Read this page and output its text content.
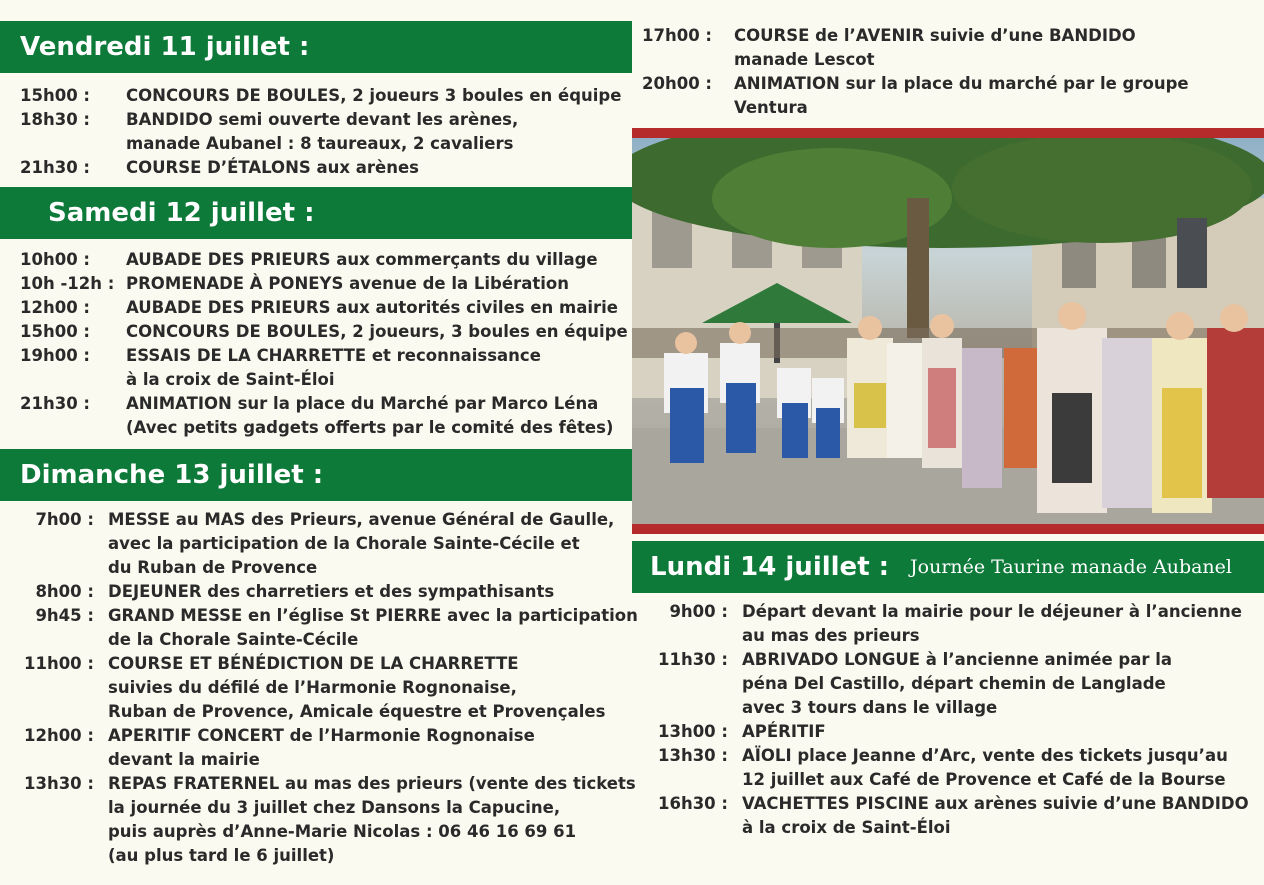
Vendredi 11 juillet :
15h00 :	CONCOURS DE BOULES, 2 joueurs 3 boules en équipe
18h30 :	BANDIDO semi ouverte devant les arènes,
manade Aubanel : 8 taureaux, 2 cavaliers
21h30 :	COURSE D’ÉTALONS aux arènes
Samedi 12 juillet :
10h00 :	AUBADE DES PRIEURS aux commerçants du village
10h -12h : PROMENADE À PONEYS avenue de la Libération
12h00 :	AUBADE DES PRIEURS aux autorités civiles en mairie
15h00 :	CONCOURS DE BOULES, 2 joueurs, 3 boules en équipe
19h00 :	ESSAIS DE LA CHARRETTE et reconnaissance
à la croix de Saint-Éloi
21h30 :	ANIMATION sur la place du Marché par Marco Léna
(Avec petits gadgets offerts par le comité des fêtes)
Dimanche 13 juillet :
7h00 : MESSE au MAS des Prieurs, avenue Général de Gaulle,
avec la participation de la Chorale Sainte-Cécile et
du Ruban de Provence
8h00 : DEJEUNER des charretiers et des sympathisants
9h45 : GRAND MESSE en l’église St PIERRE avec la participation
de la Chorale Sainte-Cécile
11h00 : COURSE ET BÉNÉDICTION DE LA CHARRETTE
suivies du défilé de l’Harmonie Rognonaise,
Ruban de Provence, Amicale équestre et Provençales
12h00 : APERITIF CONCERT de l’Harmonie Rognonaise
devant la mairie
13h30 : REPAS FRATERNEL au mas des prieurs (vente des tickets
la journée du 3 juillet chez Dansons la Capucine,
puis auprès d’Anne-Marie Nicolas : 06 46 16 69 61
(au plus tard le 6 juillet)
17h00 :	COURSE de l’AVENIR suivie d’une BANDIDO
manade Lescot
20h00 :	ANIMATION sur la place du marché par le groupe
Ventura
Lundi 14 juillet : Journée Taurine manade Aubanel
9h00 : Départ devant la mairie pour le déjeuner à l’ancienne
au mas des prieurs
11h30 : ABRIVADO LONGUE à l’ancienne animée par la
péna Del Castillo, départ chemin de Langlade
avec 3 tours dans le village
13h00 : APÉRITIF
13h30 : AÏOLI place Jeanne d’Arc, vente des tickets jusqu’au
12 juillet aux Café de Provence et Café de la Bourse
16h30 : VACHETTES PISCINE aux arènes suivie d’une BANDIDO
à la croix de Saint-Éloi
